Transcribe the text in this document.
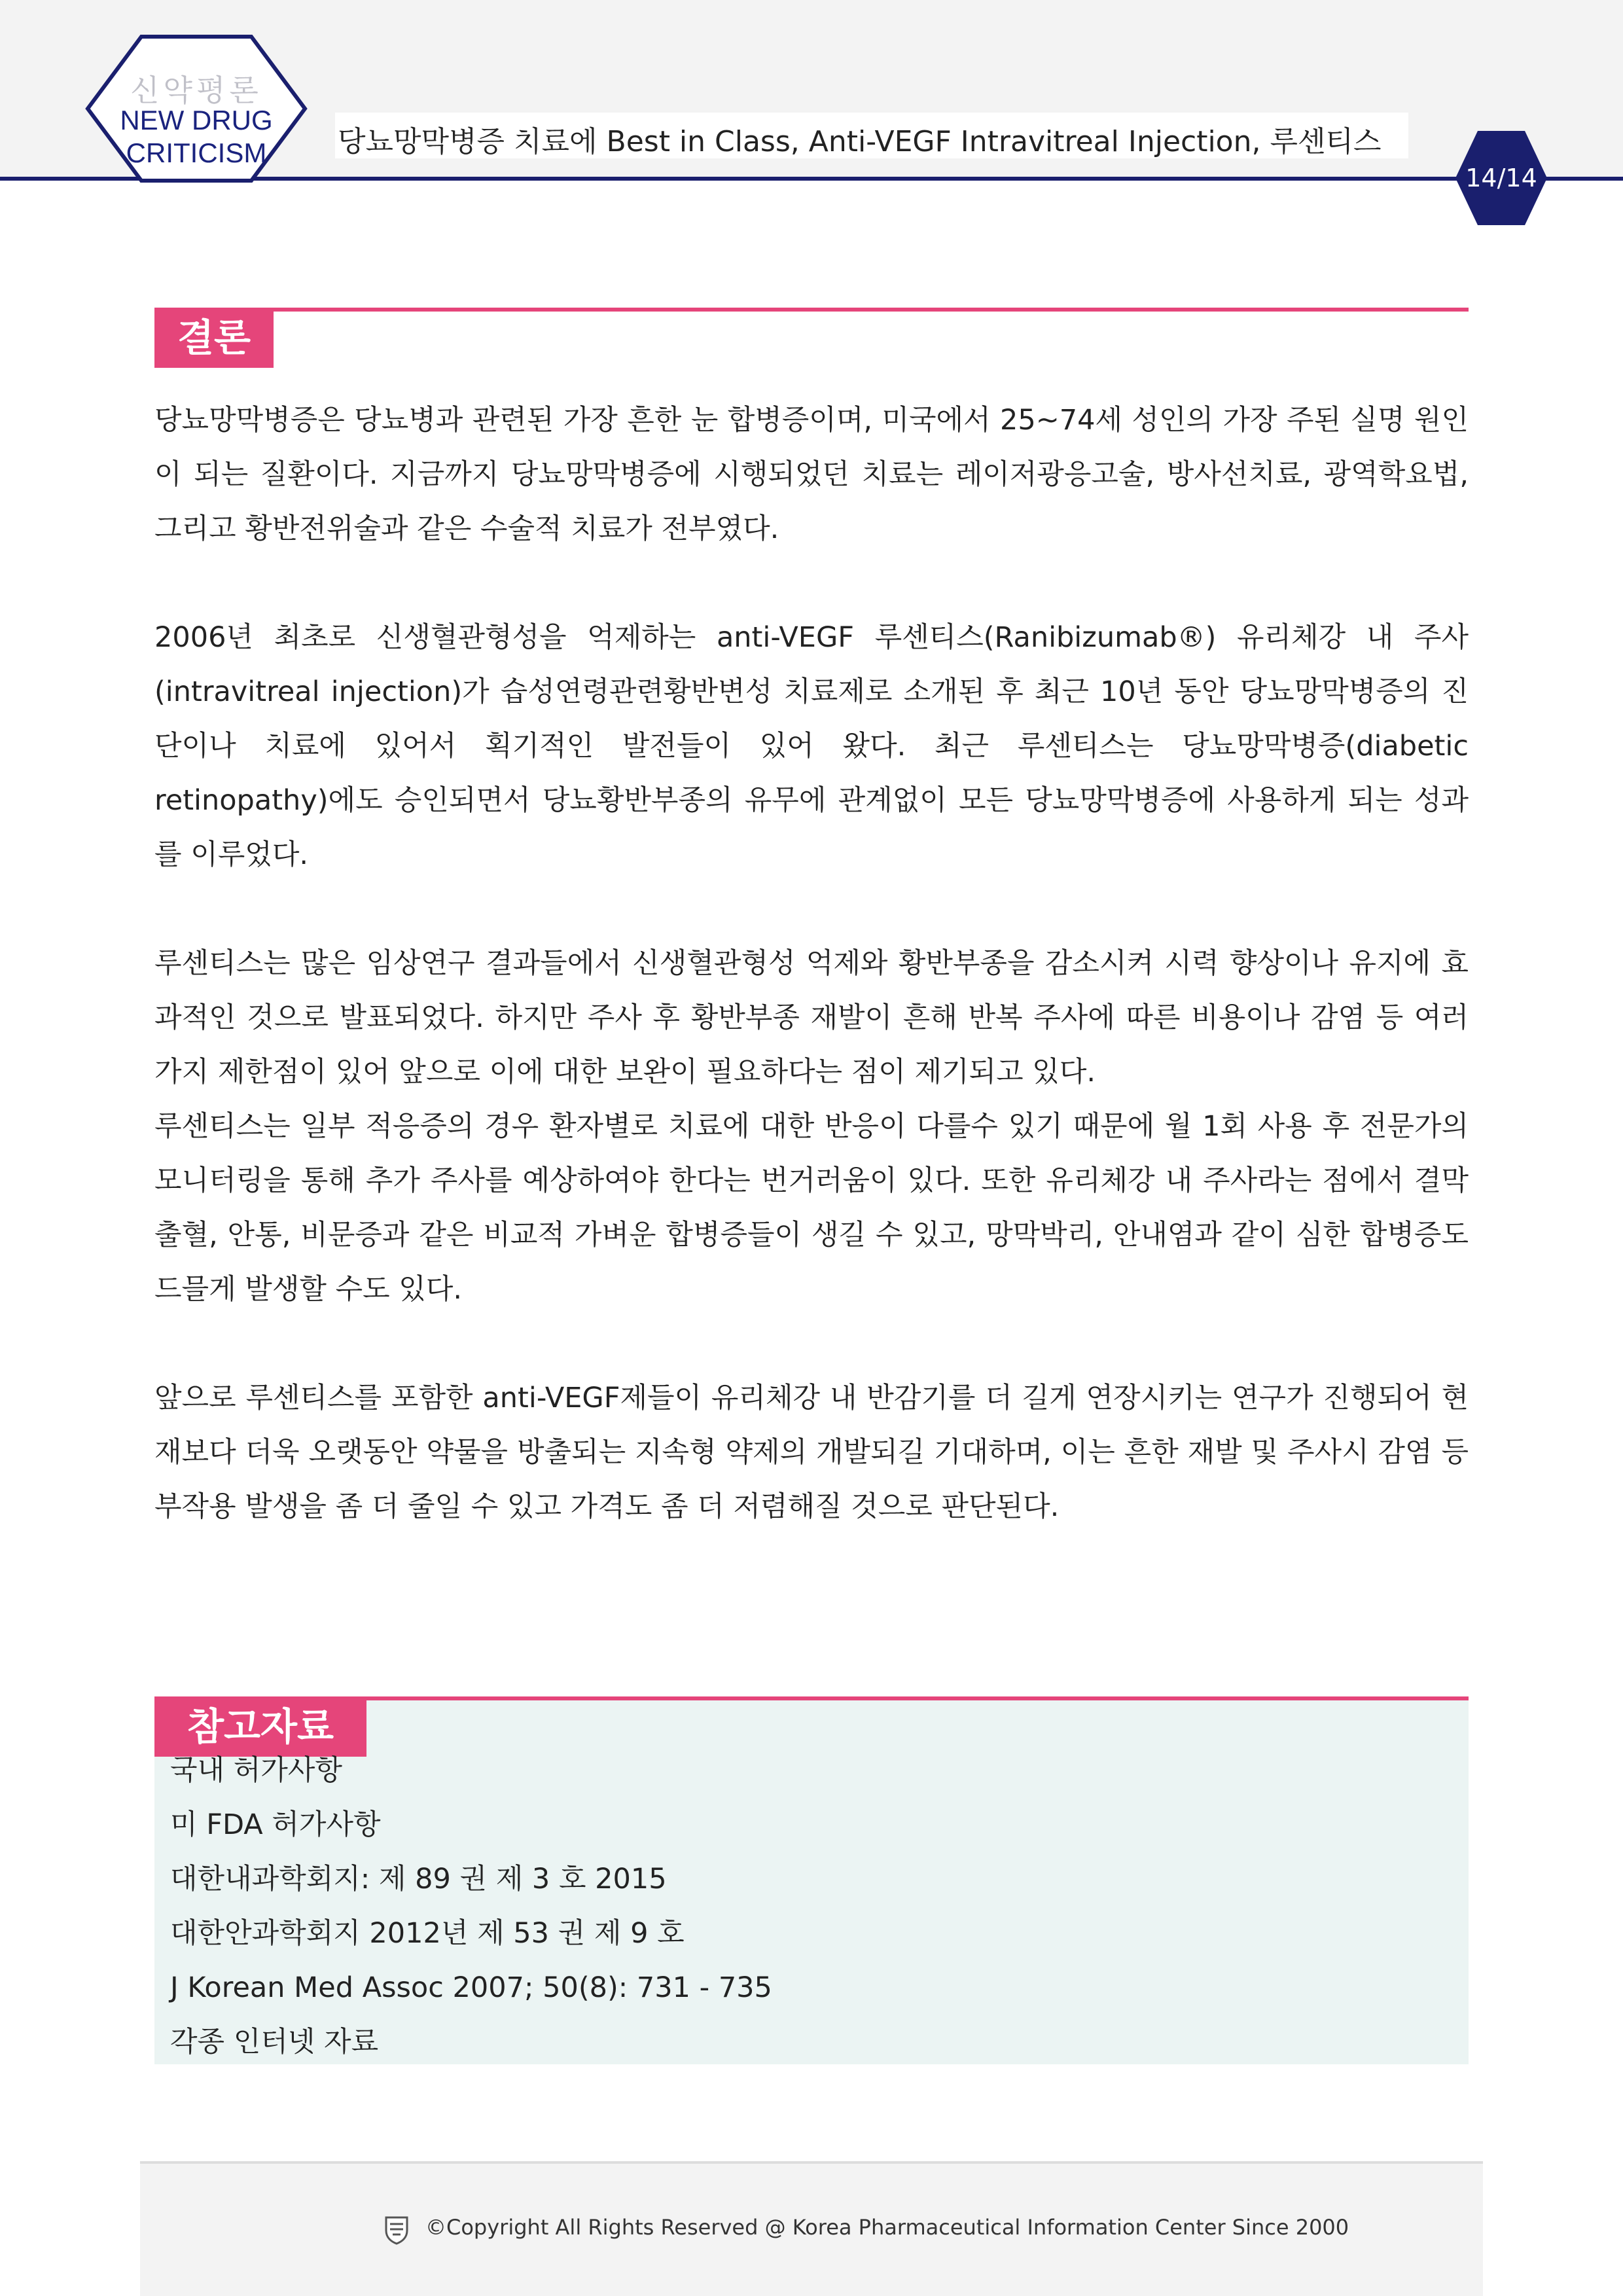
신약평론
NEW DRUG
CRITICISM	당뇨망막병증 치료에 Best in Class, Anti-VEGF Intravitreal Injection, 루센티스
14/14
결론

당뇨망막병증은 당뇨병과 관련된 가장 흔한 눈 합병증이며, 미국에서 25~74세 성인의 가장 주된 실명 원인이 되는 질환이다. 지금까지 당뇨망막병증에 시행되었던 치료는 레이저광응고술, 방사선치료, 광역학요법, 그리고 황반전위술과 같은 수술적 치료가 전부였다.

2006년 최초로 신생혈관형성을 억제하는 anti-VEGF 루센티스(Ranibizumab®) 유리체강 내 주사(intravitreal injection)가 습성연령관련황반변성 치료제로 소개된 후 최근 10년 동안 당뇨망막병증의 진단이나 치료에 있어서 획기적인 발전들이 있어 왔다. 최근 루센티스는 당뇨망막병증(diabetic retinopathy)에도 승인되면서 당뇨황반부종의 유무에 관계없이 모든 당뇨망막병증에 사용하게 되는 성과를 이루었다.

루센티스는 많은 임상연구 결과들에서 신생혈관형성 억제와 황반부종을 감소시켜 시력 향상이나 유지에 효과적인 것으로 발표되었다. 하지만 주사 후 황반부종 재발이 흔해 반복 주사에 따른 비용이나 감염 등 여러 가지 제한점이 있어 앞으로 이에 대한 보완이 필요하다는 점이 제기되고 있다.

루센티스는 일부 적응증의 경우 환자별로 치료에 대한 반응이 다를수 있기 때문에 월 1회 사용 후 전문가의 모니터링을 통해 추가 주사를 예상하여야 한다는 번거러움이 있다. 또한 유리체강 내 주사라는 점에서 결막출혈, 안통, 비문증과 같은 비교적 가벼운 합병증들이 생길 수 있고, 망막박리, 안내염과 같이 심한 합병증도 드믈게 발생할 수도 있다.

앞으로 루센티스를 포함한 anti-VEGF제들이 유리체강 내 반감기를 더 길게 연장시키는 연구가 진행되어 현재보다 더욱 오랫동안 약물을 방출되는 지속형 약제의 개발되길 기대하며, 이는 흔한 재발 및 주사시 감염 등 부작용 발생을 좀 더 줄일 수 있고 가격도 좀 더 저렴해질 것으로 판단된다.

참고자료
국내 허가사항
미 FDA 허가사항
대한내과학회지: 제 89 권 제 3 호 2015
대한안과학회지 2012년 제 53 권 제 9 호
J Korean Med Assoc 2007; 50(8): 731 - 735
각종 인터넷 자료
©Copyright All Rights Reserved @ Korea Pharmaceutical Information Center Since 2000
